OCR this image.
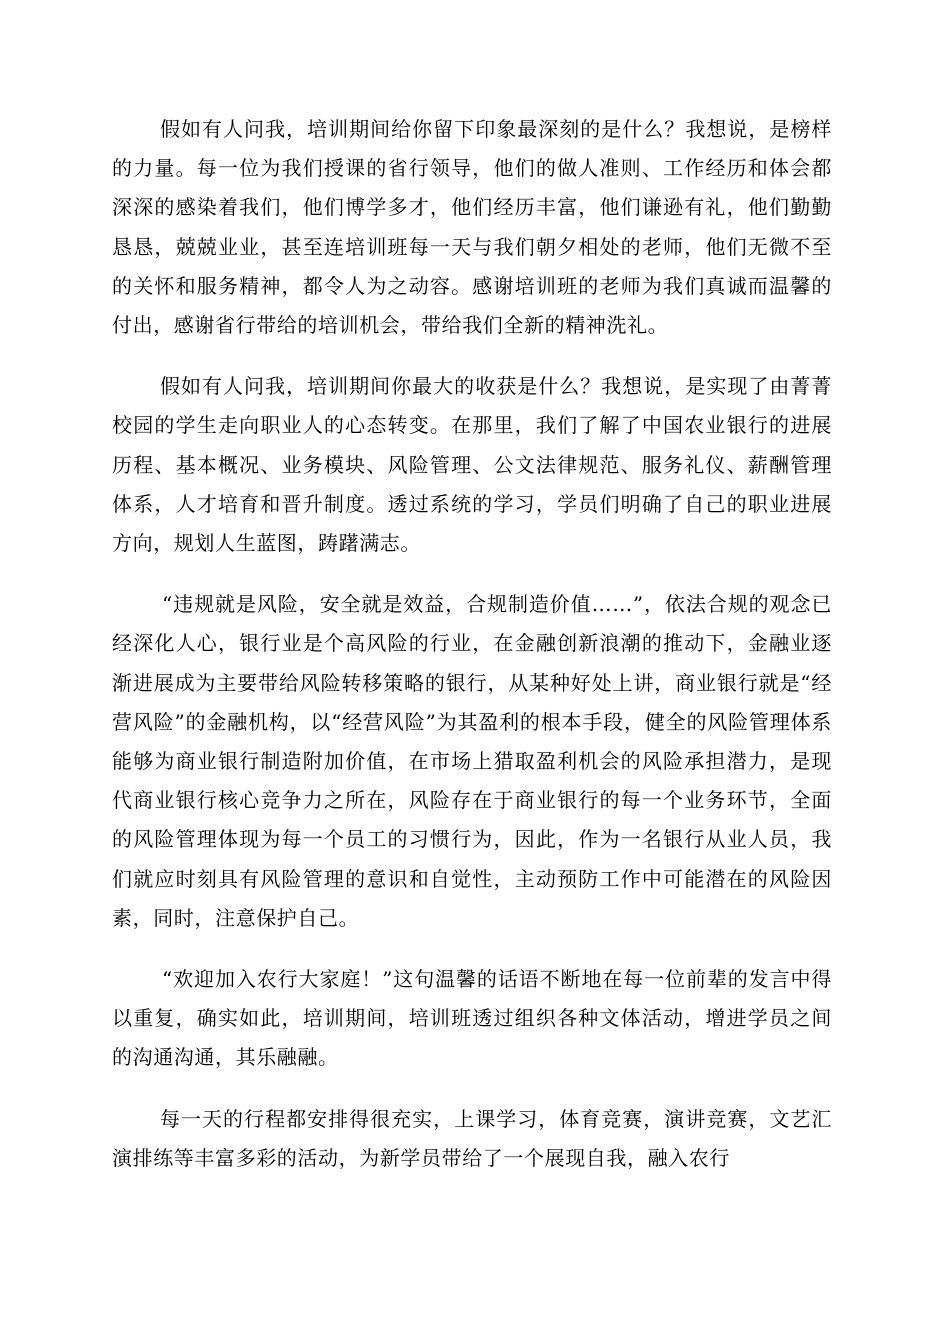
假如有人问我，培训期间给你留下印象最深刻的是什么？我想说，是榜样的力量。每一位为我们授课的省行领导，他们的做人准则、工作经历和体会都深深的感染着我们，他们博学多才，他们经历丰富，他们谦逊有礼，他们勤勤恳恳，兢兢业业，甚至连培训班每一天与我们朝夕相处的老师，他们无微不至的关怀和服务精神，都令人为之动容。感谢培训班的老师为我们真诚而温馨的付出，感谢省行带给的培训机会，带给我们全新的精神洗礼。

假如有人问我，培训期间你最大的收获是什么？我想说，是实现了由菁菁校园的学生走向职业人的心态转变。在那里，我们了解了中国农业银行的进展历程、基本概况、业务模块、风险管理、公文法律规范、服务礼仪、薪酬管理体系，人才培育和晋升制度。透过系统的学习，学员们明确了自己的职业进展方向，规划人生蓝图，踌躇满志。

“违规就是风险，安全就是效益，合规制造价值……”，依法合规的观念已经深化人心，银行业是个高风险的行业，在金融创新浪潮的推动下，金融业逐渐进展成为主要带给风险转移策略的银行，从某种好处上讲，商业银行就是“经营风险”的金融机构，以“经营风险”为其盈利的根本手段，健全的风险管理体系能够为商业银行制造附加价值，在市场上猎取盈利机会的风险承担潜力，是现代商业银行核心竞争力之所在，风险存在于商业银行的每一个业务环节，全面的风险管理体现为每一个员工的习惯行为，因此，作为一名银行从业人员，我们就应时刻具有风险管理的意识和自觉性，主动预防工作中可能潜在的风险因素，同时，注意保护自己。

“欢迎加入农行大家庭！”这句温馨的话语不断地在每一位前辈的发言中得以重复，确实如此，培训期间，培训班透过组织各种文体活动，增进学员之间的沟通沟通，其乐融融。

每一天的行程都安排得很充实，上课学习，体育竞赛，演讲竞赛，文艺汇演排练等丰富多彩的活动，为新学员带给了一个展现自我，融入农行
